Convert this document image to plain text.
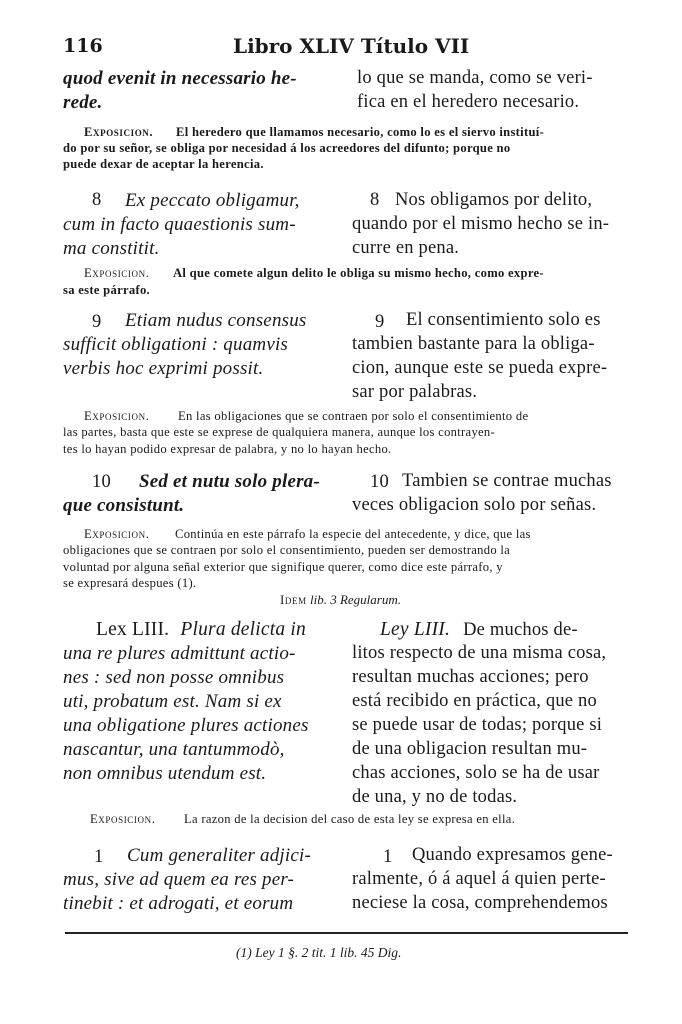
116	Libro XLIV Título VII
quod evenit in necessario he-
rede.
lo que se manda, como se veri-
fica en el heredero necesario.
Exposicion. El heredero que llamamos necesario, como lo es el siervo instituí-
do por su señor, se obliga por necesidad á los acreedores del difunto; porque no
puede dexar de aceptar la herencia.
8 Ex peccato obligamur,
cum in facto quaestionis sum-
ma constitit.
8 Nos obligamos por delito,
quando por el mismo hecho se in-
curre en pena.
Exposicion. Al que comete algun delito le obliga su mismo hecho, como expre-
sa este párrafo.
9 Etiam nudus consensus
sufficit obligationi : quamvis
verbis hoc exprimi possit.
9 El consentimiento solo es
tambien bastante para la obliga-
cion, aunque este se pueda expre-
sar por palabras.
Exposicion. En las obligaciones que se contraen por solo el consentimiento de
las partes, basta que este se exprese de qualquiera manera, aunque los contrayen-
tes lo hayan podido expresar de palabra, y no lo hayan hecho.
10 Sed et nutu solo plera-
que consistunt.
10 Tambien se contrae muchas
veces obligacion solo por señas.
Exposicion. Continúa en este párrafo la especie del antecedente, y dice, que las
obligaciones que se contraen por solo el consentimiento, pueden ser demostrando la
voluntad por alguna señal exterior que signifique querer, como dice este párrafo, y
se expresará despues (1).
Idem lib. 3 Regularum.
Lex LIII. Plura delicta in
una re plures admittunt actio-
nes : sed non posse omnibus
uti, probatum est. Nam si ex
una obligatione plures actiones
nascantur, una tantummodò,
non omnibus utendum est.
Ley LIII. De muchos de-
litos respecto de una misma cosa,
resultan muchas acciones; pero
está recibido en práctica, que no
se puede usar de todas; porque si
de una obligacion resultan mu-
chas acciones, solo se ha de usar
de una, y no de todas.
Exposicion. La razon de la decision del caso de esta ley se expresa en ella.
1 Cum generaliter adjici-
mus, sive ad quem ea res per-
tinebit : et adrogati, et eorum
1 Quando expresamos gene-
ralmente, ó á aquel á quien perte-
neciese la cosa, comprehendemos
(1) Ley 1 §. 2 tit. 1 lib. 45 Dig.
